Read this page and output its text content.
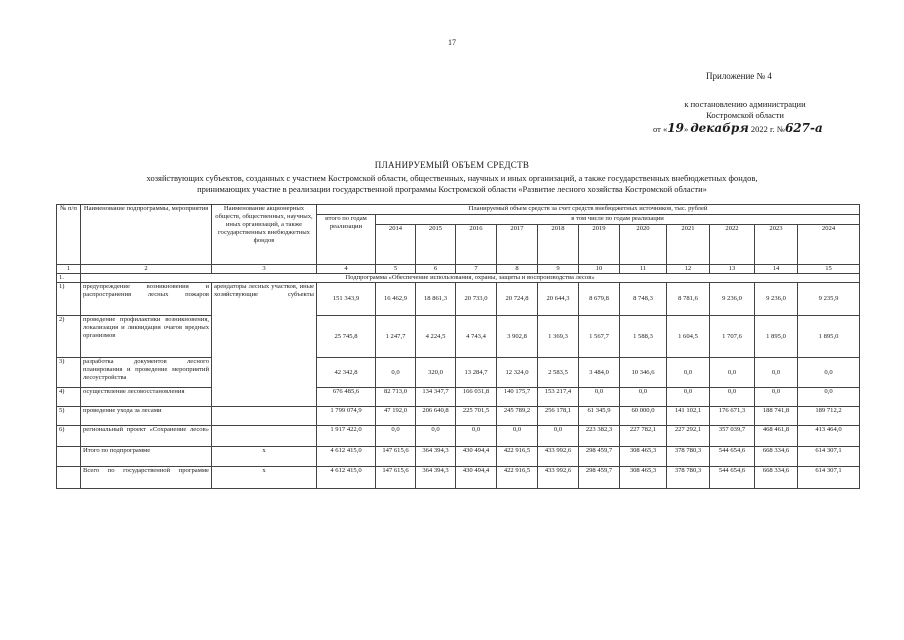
17
Приложение № 4
к постановлению администрации
Костромской области
от «19» декабря 2022 г. №627-а
ПЛАНИРУЕМЫЙ ОБЪЕМ СРЕДСТВ
хозяйствующих субъектов, созданных с участием Костромской области, общественных, научных и иных организаций, а также государственных внебюджетных фондов,
принимающих участие в реализации государственной программы Костромской области «Развитие лесного хозяйства Костромской области»
№ п/п	Наименование подпрограммы, мероприятия	Наименование акционерных обществ, общественных, научных, иных организаций, а также государственных внебюджетных фондов	Планируемый объем средств за счет средств внебюджетных источников, тыс. рублей											
			итого по годам реализации	в том числе по годам реализации										
				2014	2015	2016	2017	2018	2019	2020	2021	2022	2023	2024
1	2	3	4	5	6	7	8	9	10	11	12	13	14	15
1.	Подпрограмма «Обеспечение использования, охраны, защиты и воспроизводства лесов»													
1)	предупреждение возникновения и распространения лесных пожаров	арендаторы лесных участков, иные хозяйствующие субъекты	151 343,9	16 462,9	18 861,3	20 733,0	20 724,8	20 644,3	8 679,8	8 748,3	8 781,6	9 236,0	9 236,0	9 235,9
2)	проведение профилактики возникновения, локализация и ликвидация очагов вредных организмов		25 745,8	1 247,7	4 224,5	4 743,4	3 902,8	1 369,3	1 567,7	1 588,3	1 604,5	1 707,6	1 895,0	1 895,0
3)	разработка документов лесного планирования и проведение мероприятий лесоустройства		42 342,8	0,0	320,0	13 284,7	12 324,0	2 583,5	3 484,0	10 346,6	0,0	0,0	0,0	0,0
4)	осуществление лесовосстановления		676 485,6	82 713,0	134 347,7	166 031,8	140 175,7	153 217,4	0,0	0,0	0,0	0,0	0,0	0,0
5)	проведение ухода за лесами		1 799 074,9	47 192,0	206 640,8	225 701,5	245 789,2	256 178,1	61 345,9	60 000,0	141 102,1	176 671,3	188 741,8	189 712,2
6)	региональный проект «Сохранение лесов»		1 917 422,0	0,0	0,0	0,0	0,0	0,0	223 382,3	227 782,1	227 292,1	357 039,7	468 461,8	413 464,0
	Итого по подпрограмме	х	4 612 415,0	147 615,6	364 394,3	430 494,4	422 916,5	433 992,6	298 459,7	308 465,3	378 780,3	544 654,6	668 334,6	614 307,1
	Всего по государственной программе	х	4 612 415,0	147 615,6	364 394,3	430 494,4	422 916,5	433 992,6	298 459,7	308 465,3	378 780,3	544 654,6	668 334,6	614 307,1
